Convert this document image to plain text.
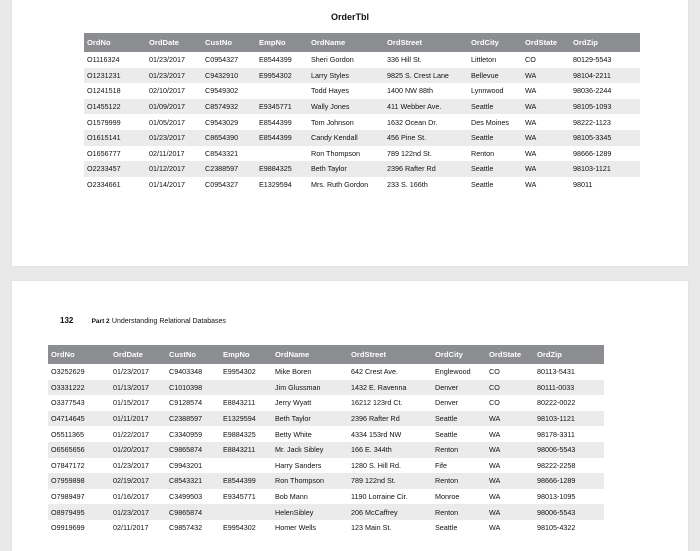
OrderTbl
OrdNo	OrdDate	CustNo	EmpNo	OrdName	OrdStreet	OrdCity	OrdState	OrdZip
O1116324	01/23/2017	C0954327	E8544399	Sheri Gordon	336 Hill St.	Littleton	CO	80129-5543
O1231231	01/23/2017	C9432910	E9954302	Larry Styles	9825 S. Crest Lane	Bellevue	WA	98104-2211
O1241518	02/10/2017	C9549302		Todd Hayes	1400 NW 88th	Lynnwood	WA	98036-2244
O1455122	01/09/2017	C8574932	E9345771	Wally Jones	411 Webber Ave.	Seattle	WA	98105-1093
O1579999	01/05/2017	C9543029	E8544399	Tom Johnson	1632 Ocean Dr.	Des Moines	WA	98222-1123
O1615141	01/23/2017	C8654390	E8544399	Candy Kendall	456 Pine St.	Seattle	WA	98105-3345
O1656777	02/11/2017	C8543321		Ron Thompson	789 122nd St.	Renton	WA	98666-1289
O2233457	01/12/2017	C2388597	E9884325	Beth Taylor	2396 Rafter Rd	Seattle	WA	98103-1121
O2334661	01/14/2017	C0954327	E1329594	Mrs. Ruth Gordon	233 S. 166th	Seattle	WA	98011
132	Part 2 Understanding Relational Databases
OrdNo	OrdDate	CustNo	EmpNo	OrdName	OrdStreet	OrdCity	OrdState	OrdZip
O3252629	01/23/2017	C9403348	E9954302	Mike Boren	642 Crest Ave.	Englewood	CO	80113-5431
O3331222	01/13/2017	C1010398		Jim Glussman	1432 E. Ravenna	Denver	CO	80111-0033
O3377543	01/15/2017	C9128574	E8843211	Jerry Wyatt	16212 123rd Ct.	Denver	CO	80222-0022
O4714645	01/11/2017	C2388597	E1329594	Beth Taylor	2396 Rafter Rd	Seattle	WA	98103-1121
O5511365	01/22/2017	C3340959	E9884325	Betty White	4334 153rd NW	Seattle	WA	98178-3311
O6565656	01/20/2017	C9865874	E8843211	Mr. Jack Sibley	166 E. 344th	Renton	WA	98006-5543
O7847172	01/23/2017	C9943201		Harry Sanders	1280 S. Hill Rd.	Fife	WA	98222-2258
O7959898	02/19/2017	C8543321	E8544399	Ron Thompson	789 122nd St.	Renton	WA	98666-1289
O7989497	01/16/2017	C3499503	E9345771	Bob Mann	1190 Lorraine Cir.	Monroe	WA	98013-1095
O8979495	01/23/2017	C9865874		HelenSibley	206 McCaffrey	Renton	WA	98006-5543
O9919699	02/11/2017	C9857432	E9954302	Homer Wells	123 Main St.	Seattle	WA	98105-4322
